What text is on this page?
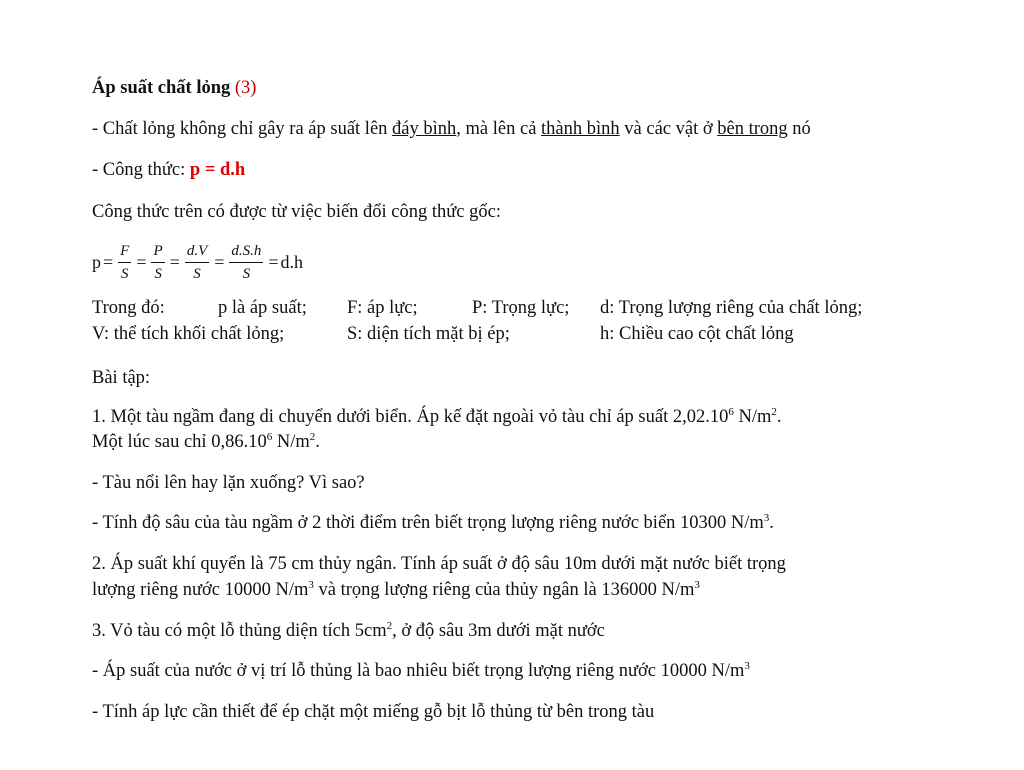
Áp suất chất lỏng (3)
- Chất lỏng không chỉ gây ra áp suất lên đáy bình, mà lên cả thành bình và các vật ở bên trong nó
- Công thức: p = d.h
Công thức trên có được từ việc biến đổi công thức gốc:
$p = \frac{F}{S} = \frac{P}{S} = \frac{d.V}{S} = \frac{d.S.h}{S} = d.h$
Trong đó:	p là áp suất; F: áp lực;	P: Trọng lực; d: Trọng lượng riêng của chất lỏng;
V: thể tích khối chất lỏng;	S: diện tích mặt bị ép;	h: Chiều cao cột chất lỏng
Bài tập:
1. Một tàu ngầm đang di chuyển dưới biển. Áp kế đặt ngoài vỏ tàu chỉ áp suất 2,02.10$^6$ $N/m^2$.
Một lúc sau chỉ 0,86.10$^6$ $N/m^2$.
- Tàu nổi lên hay lặn xuống? Vì sao?
- Tính độ sâu của tàu ngầm ở 2 thời điểm trên biết trọng lượng riêng nước biển 10300 $N/m^3$.
2. Áp suất khí quyển là 75 cm thủy ngân. Tính áp suất ở độ sâu 10m dưới mặt nước biết trọng
lượng riêng nước 10000 $N/m^3$ và trọng lượng riêng của thủy ngân là 136000 $N/m^3$
3. Vỏ tàu có một lỗ thủng diện tích $5cm^2$, ở độ sâu 3m dưới mặt nước
- Áp suất của nước ở vị trí lỗ thủng là bao nhiêu biết trọng lượng riêng nước 10000 $N/m^3$
- Tính áp lực cần thiết để ép chặt một miếng gỗ bịt lỗ thủng từ bên trong tàu
